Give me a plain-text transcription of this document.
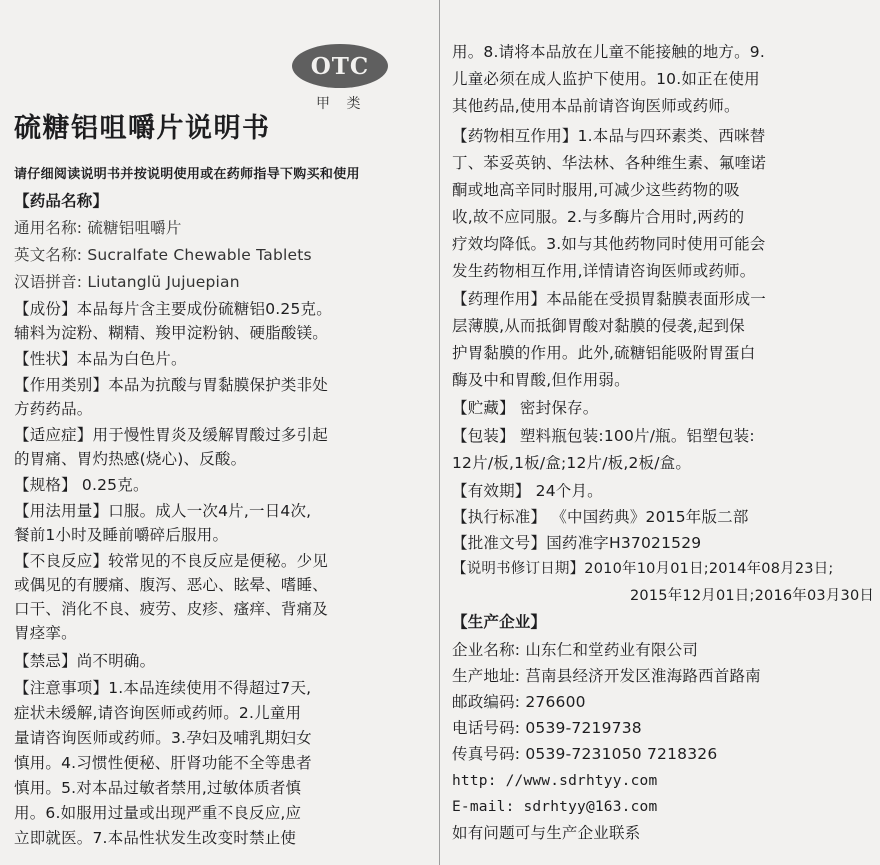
OTC
甲 类
硫糖铝咀嚼片说明书
请仔细阅读说明书并按说明使用或在药师指导下购买和使用
【药品名称】
通用名称: 硫糖铝咀嚼片
英文名称: Sucralfate Chewable Tablets
汉语拼音: Liutanglü Jujuepian
【成份】本品每片含主要成份硫糖铝0.25克。
辅料为淀粉、糊精、羧甲淀粉钠、硬脂酸镁。
【性状】本品为白色片。
【作用类别】本品为抗酸与胃黏膜保护类非处
方药药品。
【适应症】用于慢性胃炎及缓解胃酸过多引起
的胃痛、胃灼热感(烧心)、反酸。
【规格】 0.25克。
【用法用量】口服。成人一次4片,一日4次,
餐前1小时及睡前嚼碎后服用。
【不良反应】较常见的不良反应是便秘。少见
或偶见的有腰痛、腹泻、恶心、眩晕、嗜睡、
口干、消化不良、疲劳、皮疹、瘙痒、背痛及
胃痉挛。
【禁忌】尚不明确。
【注意事项】1.本品连续使用不得超过7天,
症状未缓解,请咨询医师或药师。2.儿童用
量请咨询医师或药师。3.孕妇及哺乳期妇女
慎用。4.习惯性便秘、肝肾功能不全等患者
慎用。5.对本品过敏者禁用,过敏体质者慎
用。6.如服用过量或出现严重不良反应,应
立即就医。7.本品性状发生改变时禁止使
用。8.请将本品放在儿童不能接触的地方。9.
儿童必须在成人监护下使用。10.如正在使用
其他药品,使用本品前请咨询医师或药师。
【药物相互作用】1.本品与四环素类、西咪替
丁、苯妥英钠、华法林、各种维生素、氟喹诺
酮或地高辛同时服用,可减少这些药物的吸
收,故不应同服。2.与多酶片合用时,两药的
疗效均降低。3.如与其他药物同时使用可能会
发生药物相互作用,详情请咨询医师或药师。
【药理作用】本品能在受损胃黏膜表面形成一
层薄膜,从而抵御胃酸对黏膜的侵袭,起到保
护胃黏膜的作用。此外,硫糖铝能吸附胃蛋白
酶及中和胃酸,但作用弱。
【贮藏】 密封保存。
【包装】 塑料瓶包装:100片/瓶。铝塑包装:
12片/板,1板/盒;12片/板,2板/盒。
【有效期】 24个月。
【执行标准】 《中国药典》2015年版二部
【批准文号】国药准字H37021529
【说明书修订日期】2010年10月01日;2014年08月23日;
2015年12月01日;2016年03月30日
【生产企业】
企业名称: 山东仁和堂药业有限公司
生产地址: 莒南县经济开发区淮海路西首路南
邮政编码: 276600
电话号码: 0539-7219738
传真号码: 0539-7231050 7218326
http: //www.sdrhtyy.com
E-mail: sdrhtyy@163.com
如有问题可与生产企业联系
